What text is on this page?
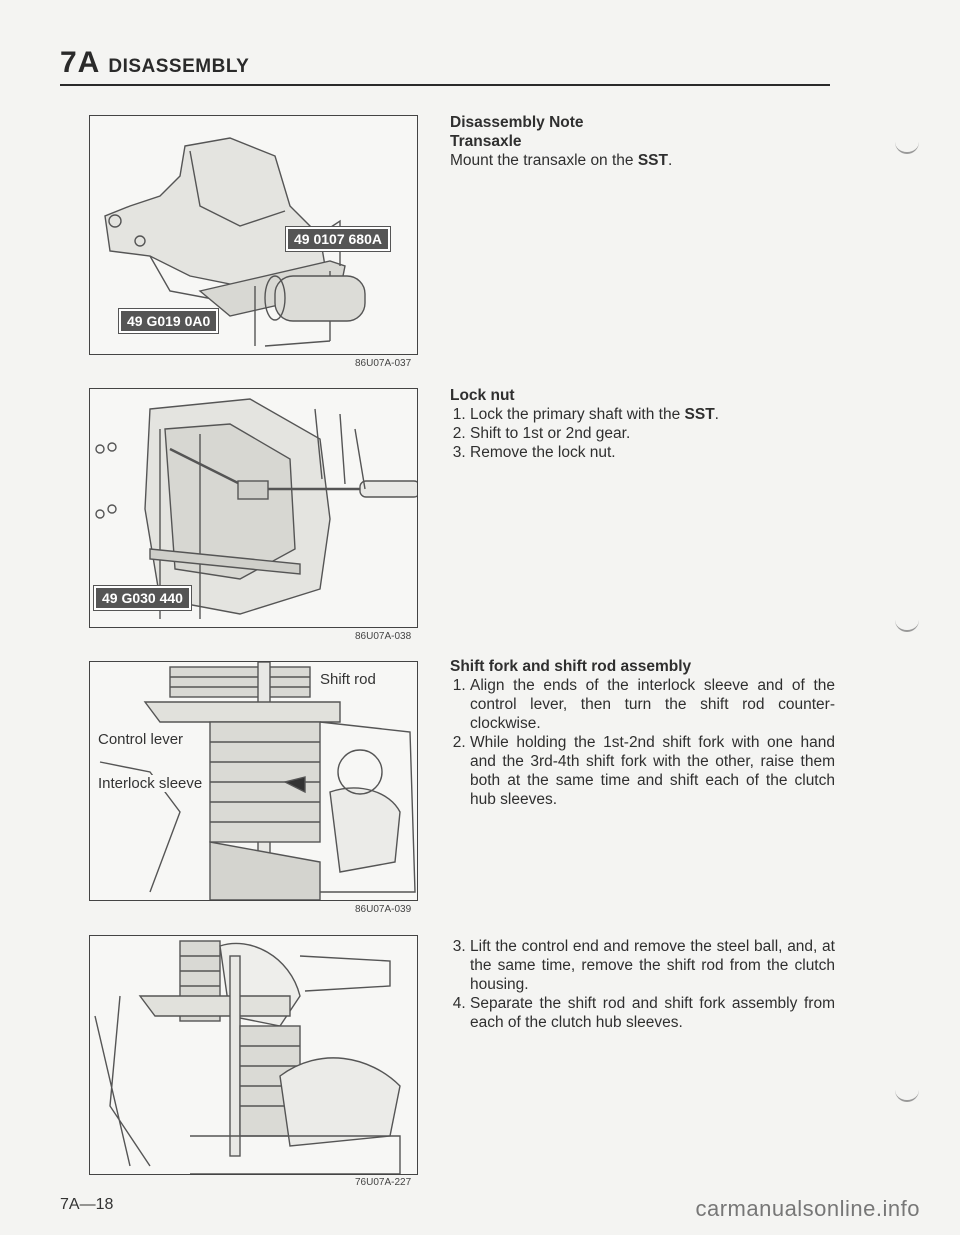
7A DISASSEMBLY
49 0107 680A
49 G019 0A0
86U07A-037
49 G030 440
86U07A-038
Shift rod
Control lever
Interlock sleeve
86U07A-039
76U07A-227
Disassembly Note
Transaxle
Mount the transaxle on the SST.
Lock nut
1. Lock the primary shaft with the SST.
2. Shift to 1st or 2nd gear.
3. Remove the lock nut.
Shift fork and shift rod assembly
1. Align the ends of the interlock sleeve and of the control lever, then turn the shift rod counter-clockwise.
2. While holding the 1st-2nd shift fork with one hand and the 3rd-4th shift fork with the other, raise them both at the same time and shift each of the clutch hub sleeves.
3. Lift the control end and remove the steel ball, and, at the same time, remove the shift rod from the clutch housing.
4. Separate the shift rod and shift fork assembly from each of the clutch hub sleeves.
7A—18	carmanualsonline.info
